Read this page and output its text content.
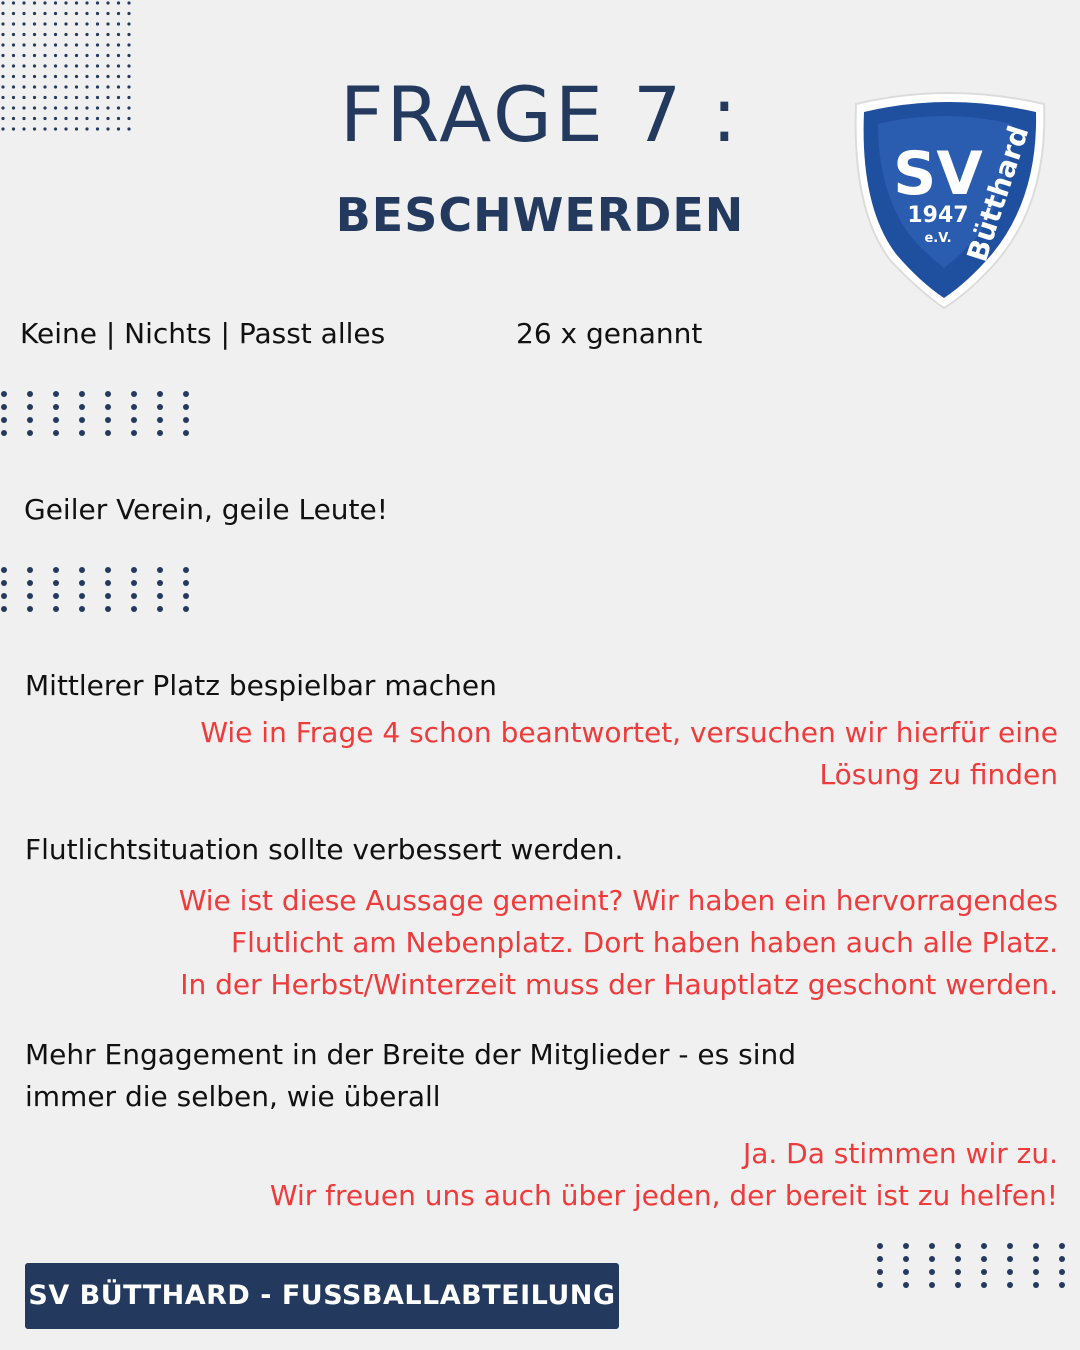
FRAGE 7 :
BESCHWERDEN
SV
1947
e.V. Bütthard
Keine | Nichts | Passt alles	26 x genannt
Geiler Verein, geile Leute!
Mittlerer Platz bespielbar machen
Wie in Frage 4 schon beantwortet, versuchen wir hierfür eine
Lösung zu finden
Flutlichtsituation sollte verbessert werden.
Wie ist diese Aussage gemeint? Wir haben ein hervorragendes
Flutlicht am Nebenplatz. Dort haben haben auch alle Platz.
In der Herbst/Winterzeit muss der Hauptlatz geschont werden.
Mehr Engagement in der Breite der Mitglieder - es sind
immer die selben, wie überall
Ja. Da stimmen wir zu.
Wir freuen uns auch über jeden, der bereit ist zu helfen!
SV BÜTTHARD - FUSSBALLABTEILUNG
